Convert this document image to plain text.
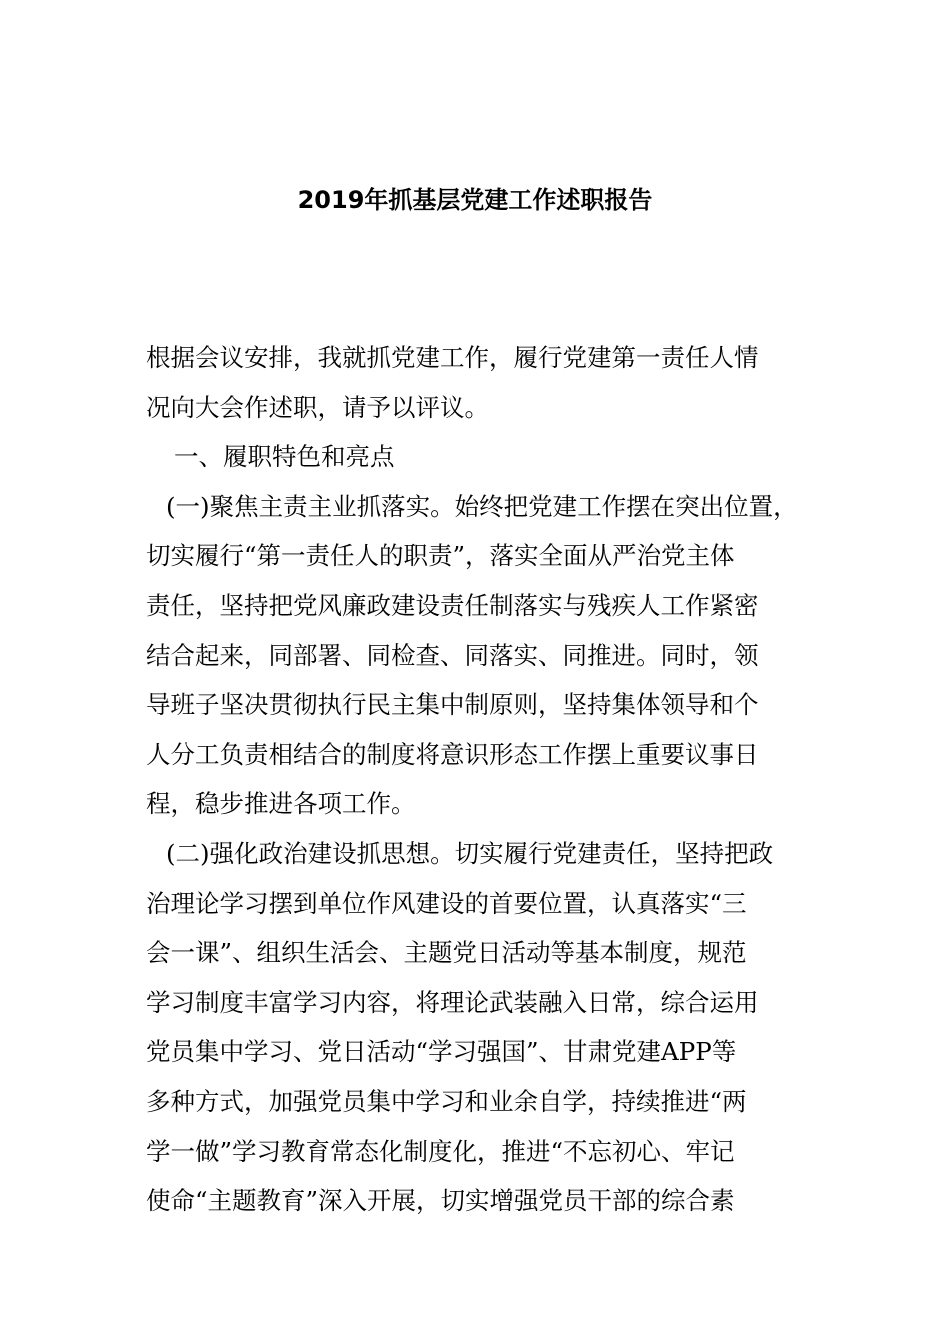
2019年抓基层党建工作述职报告
根据会议安排，我就抓党建工作，履行党建第一责任人情
况向大会作述职，请予以评议。
一、履职特色和亮点
(一)聚焦主责主业抓落实。始终把党建工作摆在突出位置，
切实履行“第一责任人的职责”，落实全面从严治党主体
责任，坚持把党风廉政建设责任制落实与残疾人工作紧密
结合起来，同部署、同检查、同落实、同推进。同时，领
导班子坚决贯彻执行民主集中制原则，坚持集体领导和个
人分工负责相结合的制度将意识形态工作摆上重要议事日
程，稳步推进各项工作。
(二)强化政治建设抓思想。切实履行党建责任，坚持把政
治理论学习摆到单位作风建设的首要位置，认真落实“三
会一课”、组织生活会、主题党日活动等基本制度，规范
学习制度丰富学习内容，将理论武装融入日常，综合运用
党员集中学习、党日活动“学习强国”、甘肃党建APP等
多种方式，加强党员集中学习和业余自学，持续推进“两
学一做”学习教育常态化制度化，推进“不忘初心、牢记
使命“主题教育”深入开展，切实增强党员干部的综合素
